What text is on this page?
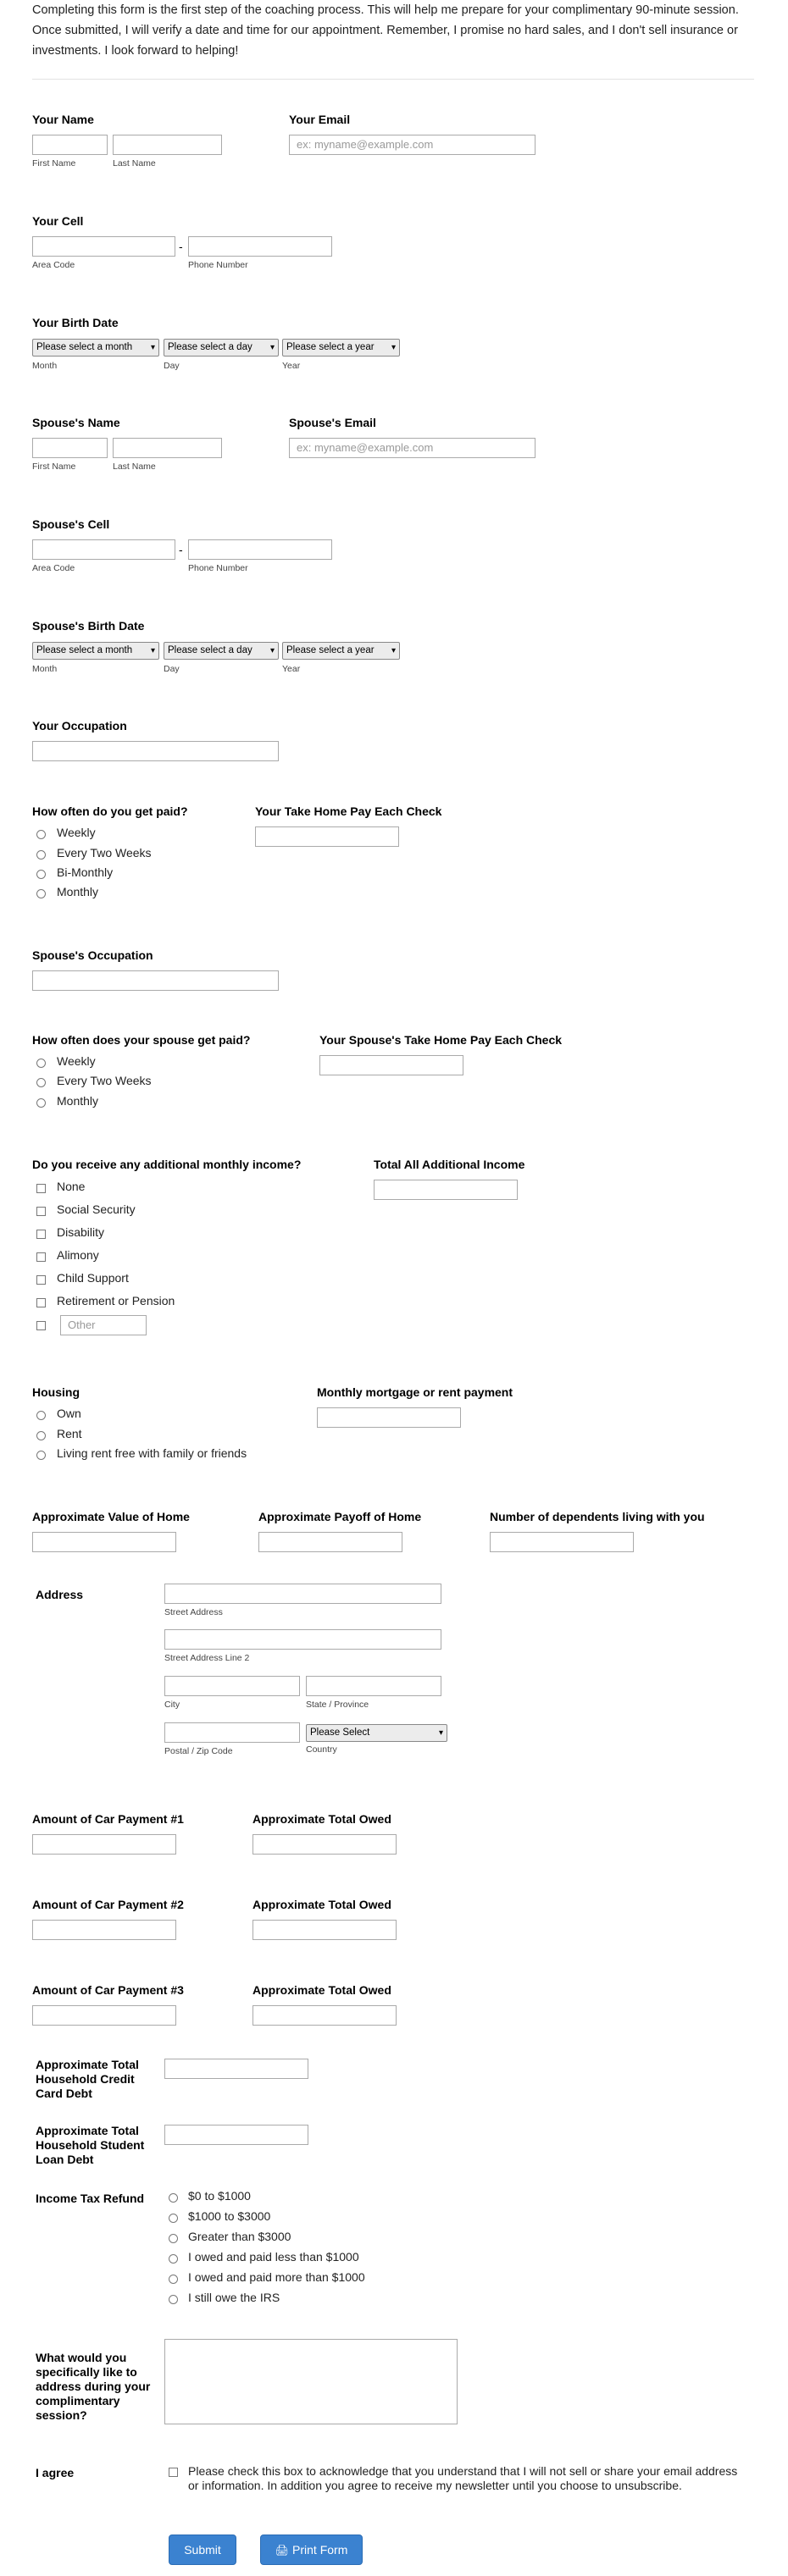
Completing this form is the first step of the coaching process. This will help me prepare for your complimentary 90-minute session. Once submitted, I will verify a date and time for our appointment. Remember, I promise no hard sales, and I don't sell insurance or investments. I look forward to helping!
Your Name
First Name	Last Name
Your Email
ex: myname@example.com
Your Cell
-
Area Code	Phone Number
Your Birth Date
Please select a month ▾	Please select a day ▾	Please select a year ▾
Month	Day	Year
Spouse's Name
First Name	Last Name
Spouse's Email
ex: myname@example.com
Spouse's Cell
-
Area Code	Phone Number
Spouse's Birth Date
Please select a month ▾	Please select a day ▾	Please select a year ▾
Month	Day	Year
Your Occupation
How often do you get paid?
Weekly
Every Two Weeks
Bi-Monthly
Monthly
Your Take Home Pay Each Check
Spouse's Occupation
How often does your spouse get paid?
Weekly
Every Two Weeks
Monthly
Your Spouse's Take Home Pay Each Check
Do you receive any additional monthly income?
None
Social Security
Disability
Alimony
Child Support
Retirement or Pension
Other
Total All Additional Income
Housing
Own
Rent
Living rent free with family or friends
Monthly mortgage or rent payment
Approximate Value of Home	Approximate Payoff of Home	Number of dependents living with you
Address
Street Address
Street Address Line 2
City	State / Province
Postal / Zip Code
Please Select	▾
Country
Amount of Car Payment #1	Approximate Total Owed
Amount of Car Payment #2	Approximate Total Owed
Amount of Car Payment #3	Approximate Total Owed
Approximate Total
Household Credit
Card Debt
Approximate Total
Household Student
Loan Debt
Income Tax Refund	$0 to $1000
$1000 to $3000
Greater than $3000
I owed and paid less than $1000
I owed and paid more than $1000
I still owe the IRS
What would you
specifically like to
address during your
complimentary
session?
I agree	Please check this box to acknowledge that you understand that I will not sell or share your email address
or information. In addition you agree to receive my newsletter until you choose to unsubscribe.
Submit	🖨 Print Form
